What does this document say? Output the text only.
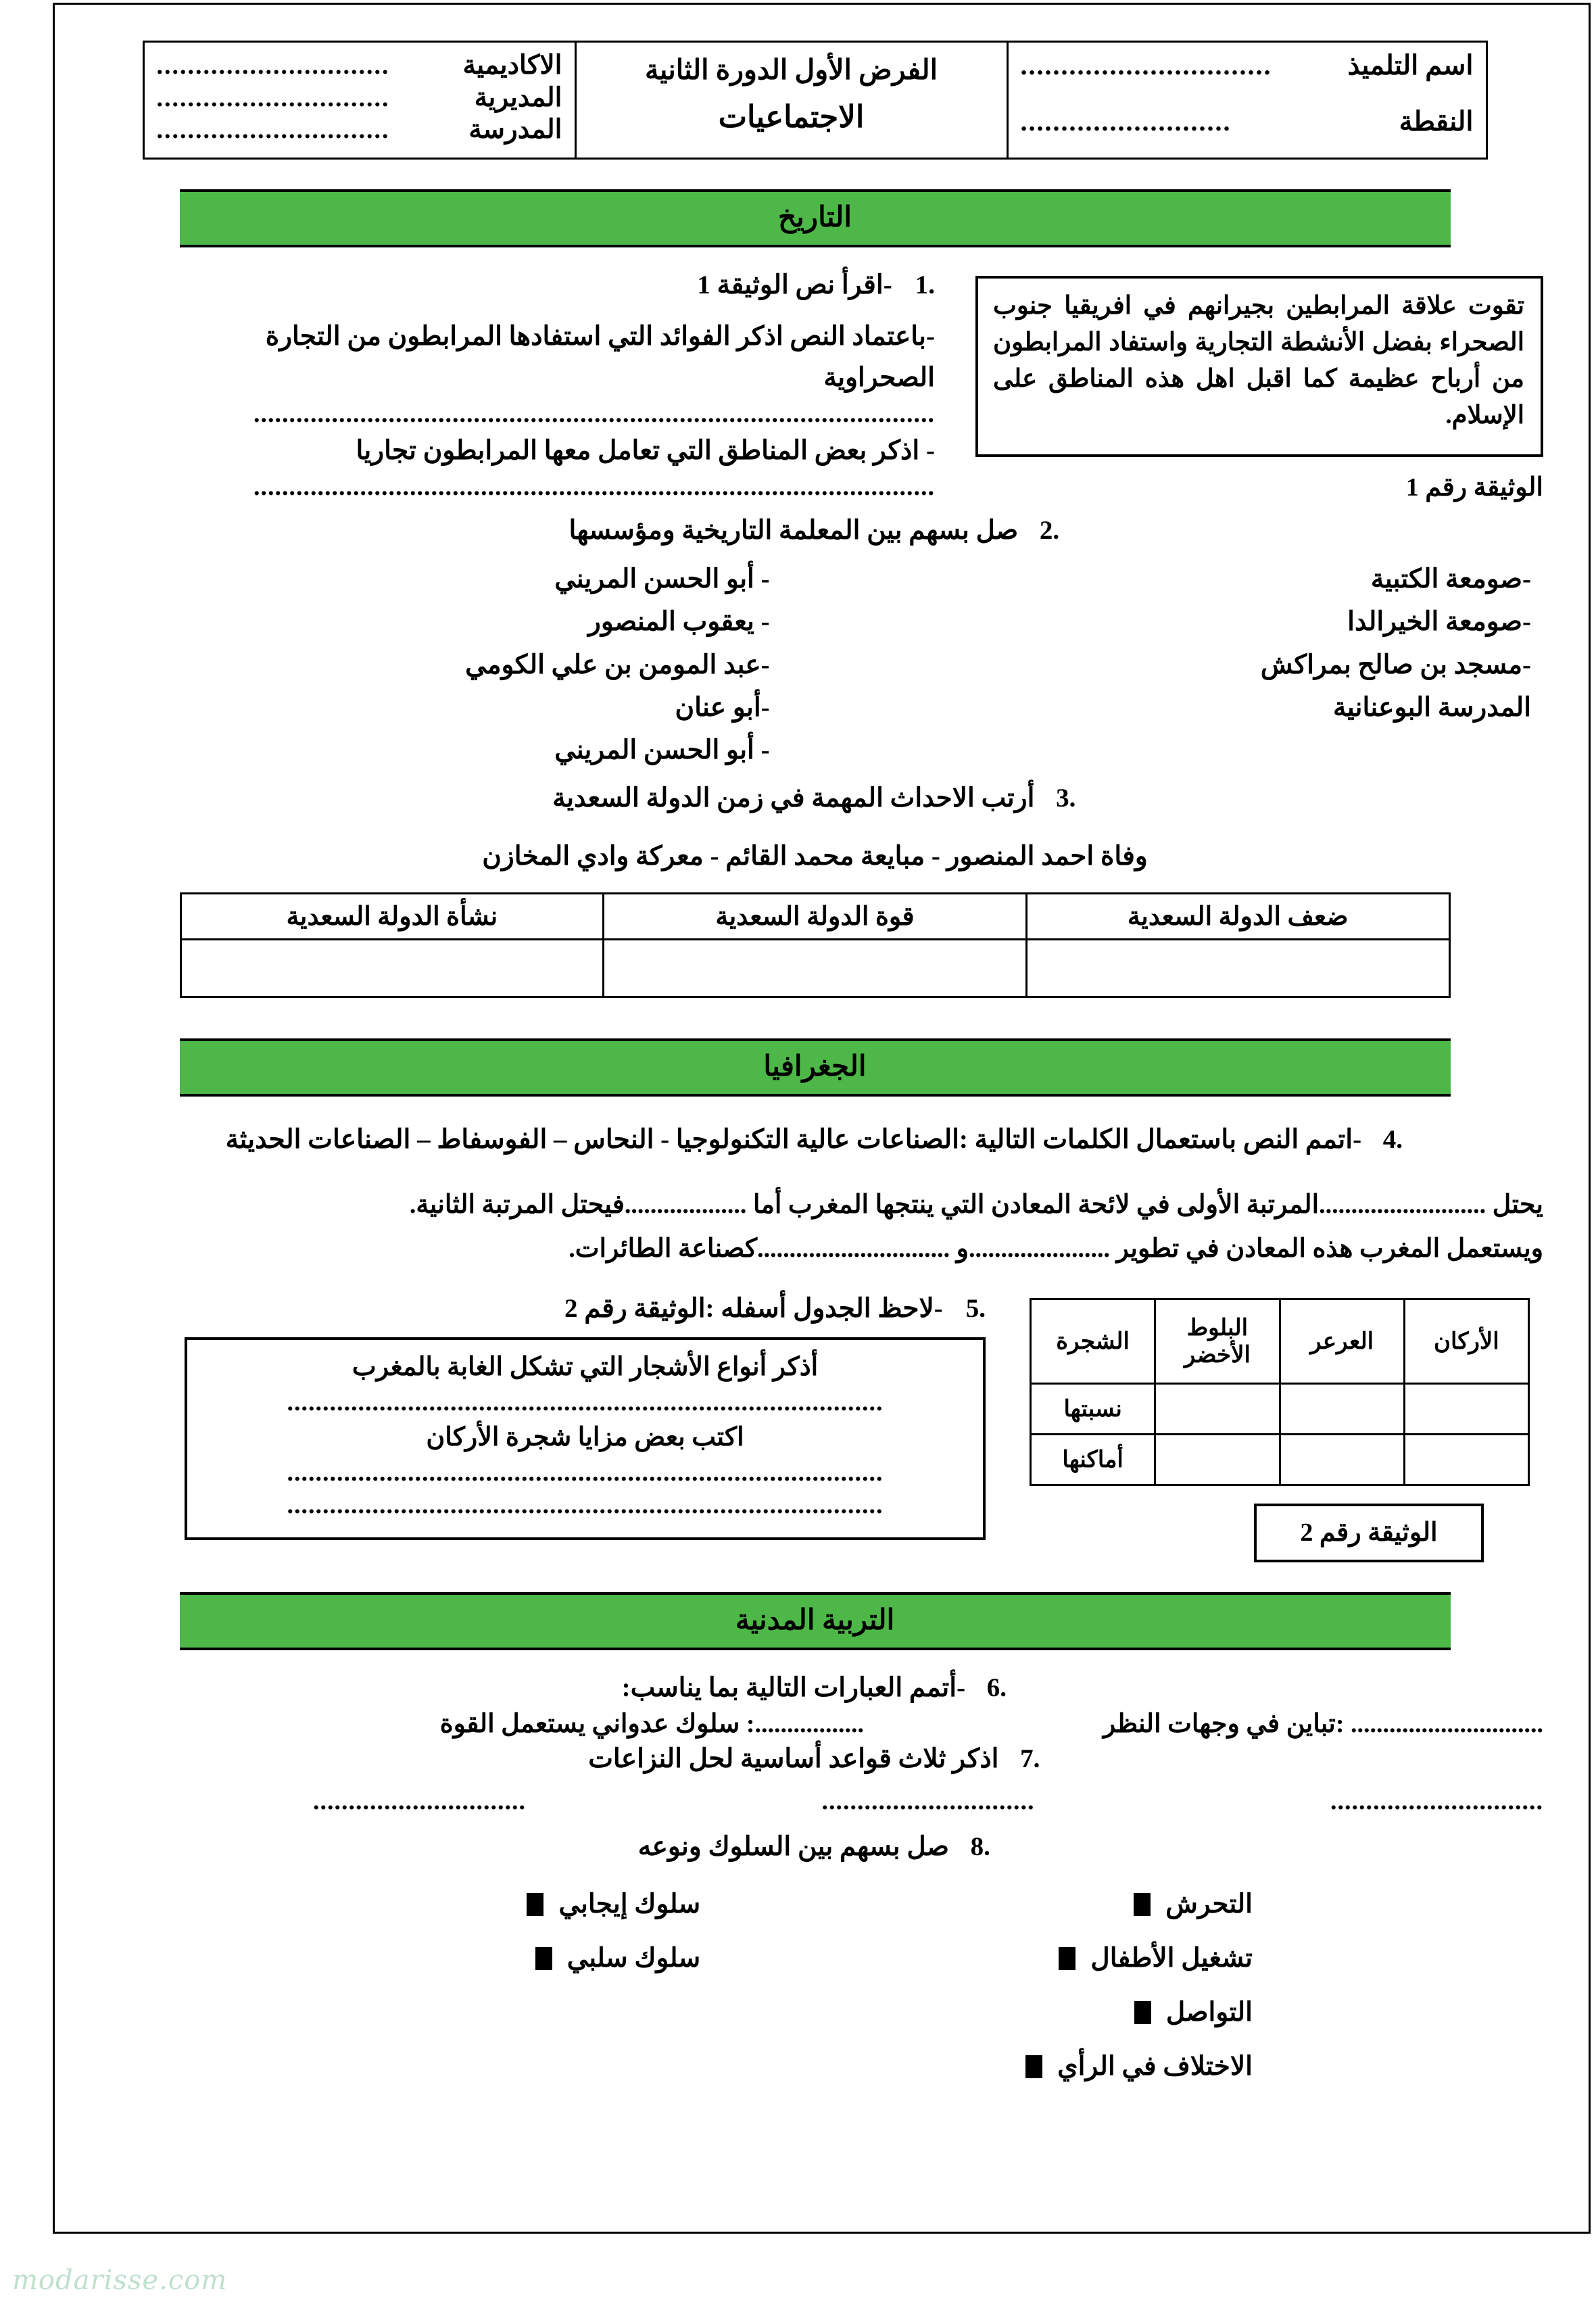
اسم التلميذ
...............................
النقطة
..........................

الفرض الأول الدورة الثانية
الاجتماعيات

الاكاديمية
..............................
المديرية
..............................
المدرسة
..............................
التاريخ
تقوت علاقة المرابطين بجيرانهم في افريقيا جنوب الصحراء بفضل الأنشطة التجارية واستفاد المرابطون من أرباح عظيمة كما اقبل اهل هذه المناطق على الإسلام.
الوثيقة رقم 1
1.   -اقرأ نص الوثيقة 1
-باعتماد النص اذكر الفوائد التي استفادها المرابطون من التجارة الصحراوية
................................................................................................
- اذكر بعض المناطق التي تعامل معها المرابطون تجاريا
................................................................................................
2.   صل بسهم بين المعلمة التاريخية ومؤسسها
-صومعة الكتبية
-صومعة الخيرالدا
-مسجد بن صالح بمراكش
المدرسة البوعنانية
- أبو الحسن المريني
- يعقوب المنصور
-عبد المومن بن علي الكومي
-أبو عنان
- أبو الحسن المريني
3.   أرتب الاحداث المهمة في زمن الدولة السعدية
وفاة احمد المنصور - مبايعة محمد القائم - معركة وادي المخازن
ضعف الدولة السعدية	قوة الدولة السعدية	نشأة الدولة السعدية

الجغرافيا
4.   -اتمم النص باستعمال الكلمات التالية :الصناعات عالية التكنولوجيا - النحاس – الفوسفاط – الصناعات الحديثة
يحتل ..........................المرتبة الأولى في لائحة المعادن التي ينتجها المغرب أما ...................فيحتل المرتبة الثانية.
ويستعمل المغرب هذه المعادن في تطوير ......................و ..............................كصناعة الطائرات.
الأركان	العرعر	البلوط الأخضر	الشجرة
			نسبتها
			أماكنها
الوثيقة رقم 2
5.   -لاحظ الجدول أسفله :الوثيقة رقم 2
أذكر أنواع الأشجار التي تشكل الغابة بالمغرب
....................................................................................
اكتب بعض مزايا شجرة الأركان
....................................................................................
....................................................................................
التربية المدنية
6.   -أتمم العبارات التالية بما يناسب:
.............................. :تباين في وجهات النظر
.................: سلوك عدواني يستعمل القوة
7.   اذكر ثلاث قواعد أساسية لحل النزاعات
..............................	..............................	..............................
8.   صل بسهم بين السلوك ونوعه
التحرش
تشغيل الأطفال
التواصل
الاختلاف في الرأي
سلوك إيجابي
سلوك سلبي
modarisse.com
